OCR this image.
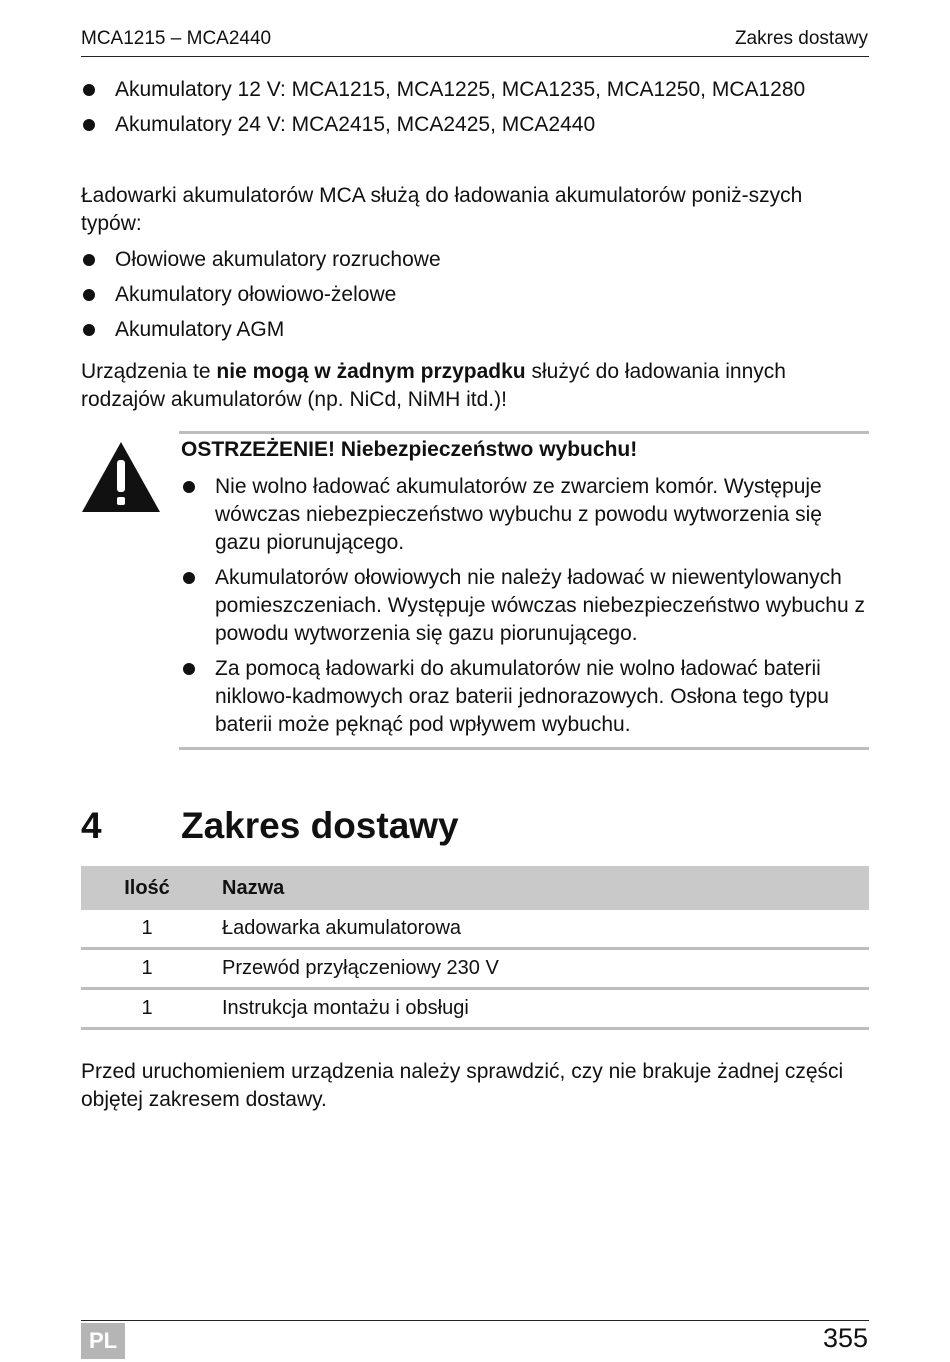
MCA1215 – MCA2440	Zakres dostawy
Akumulatory 12 V: MCA1215, MCA1225, MCA1235, MCA1250, MCA1280
Akumulatory 24 V: MCA2415, MCA2425, MCA2440
Ładowarki akumulatorów MCA służą do ładowania akumulatorów poniż-szych typów:
Ołowiowe akumulatory rozruchowe
Akumulatory ołowiowo-żelowe
Akumulatory AGM
Urządzenia te nie mogą w żadnym przypadku służyć do ładowania innych rodzajów akumulatorów (np. NiCd, NiMH itd.)!
OSTRZEŻENIE! Niebezpieczeństwo wybuchu!
Nie wolno ładować akumulatorów ze zwarciem komór. Występuje wówczas niebezpieczeństwo wybuchu z powodu wytworzenia się gazu piorunującego.
Akumulatorów ołowiowych nie należy ładować w niewentylowanych pomieszczeniach. Występuje wówczas niebezpieczeństwo wybuchu z powodu wytworzenia się gazu piorunującego.
Za pomocą ładowarki do akumulatorów nie wolno ładować baterii niklowo-kadmowych oraz baterii jednorazowych. Osłona tego typu baterii może pęknąć pod wpływem wybuchu.
4 Zakres dostawy
Ilość	Nazwa
1	Ładowarka akumulatorowa
1	Przewód przyłączeniowy 230 V
1	Instrukcja montażu i obsługi
Przed uruchomieniem urządzenia należy sprawdzić, czy nie brakuje żadnej części objętej zakresem dostawy.
PL	355
